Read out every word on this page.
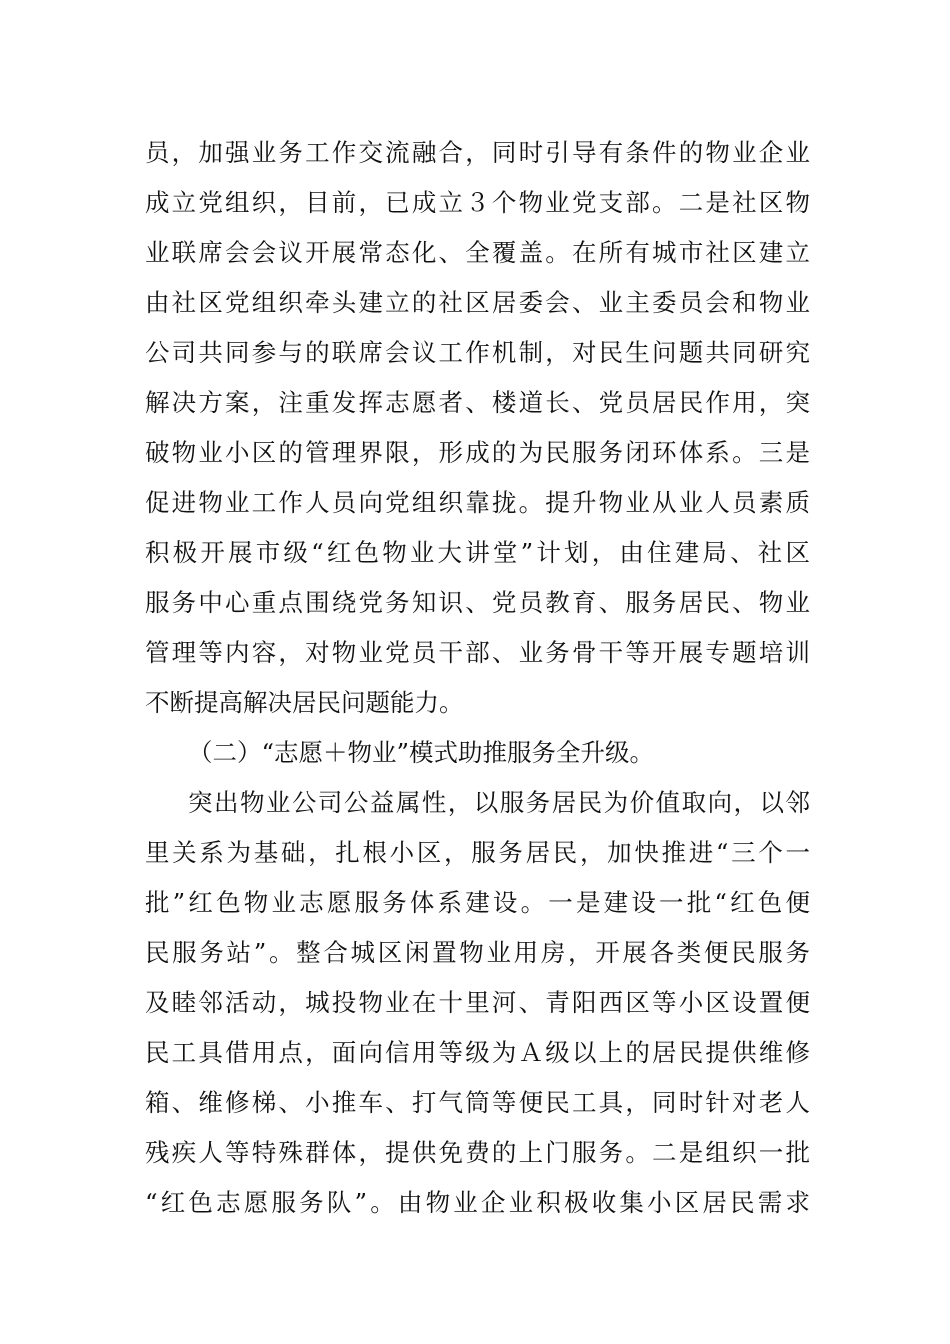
员，加强业务工作交流融合，同时引导有条件的物业企业
成立党组织，目前，已成立３个物业党支部。二是社区物
业联席会会议开展常态化、全覆盖。在所有城市社区建立
由社区党组织牵头建立的社区居委会、业主委员会和物业
公司共同参与的联席会议工作机制，对民生问题共同研究
解决方案，注重发挥志愿者、楼道长、党员居民作用，突
破物业小区的管理界限，形成的为民服务闭环体系。三是
促进物业工作人员向党组织靠拢。提升物业从业人员素质
积极开展市级“红色物业大讲堂”计划，由住建局、社区
服务中心重点围绕党务知识、党员教育、服务居民、物业
管理等内容，对物业党员干部、业务骨干等开展专题培训
不断提高解决居民问题能力。
（二）“志愿＋物业”模式助推服务全升级。
突出物业公司公益属性，以服务居民为价值取向，以邻
里关系为基础，扎根小区，服务居民，加快推进“三个一
批”红色物业志愿服务体系建设。一是建设一批“红色便
民服务站”。整合城区闲置物业用房，开展各类便民服务
及睦邻活动，城投物业在十里河、青阳西区等小区设置便
民工具借用点，面向信用等级为Ａ级以上的居民提供维修
箱、维修梯、小推车、打气筒等便民工具，同时针对老人
残疾人等特殊群体，提供免费的上门服务。二是组织一批
“红色志愿服务队”。由物业企业积极收集小区居民需求
